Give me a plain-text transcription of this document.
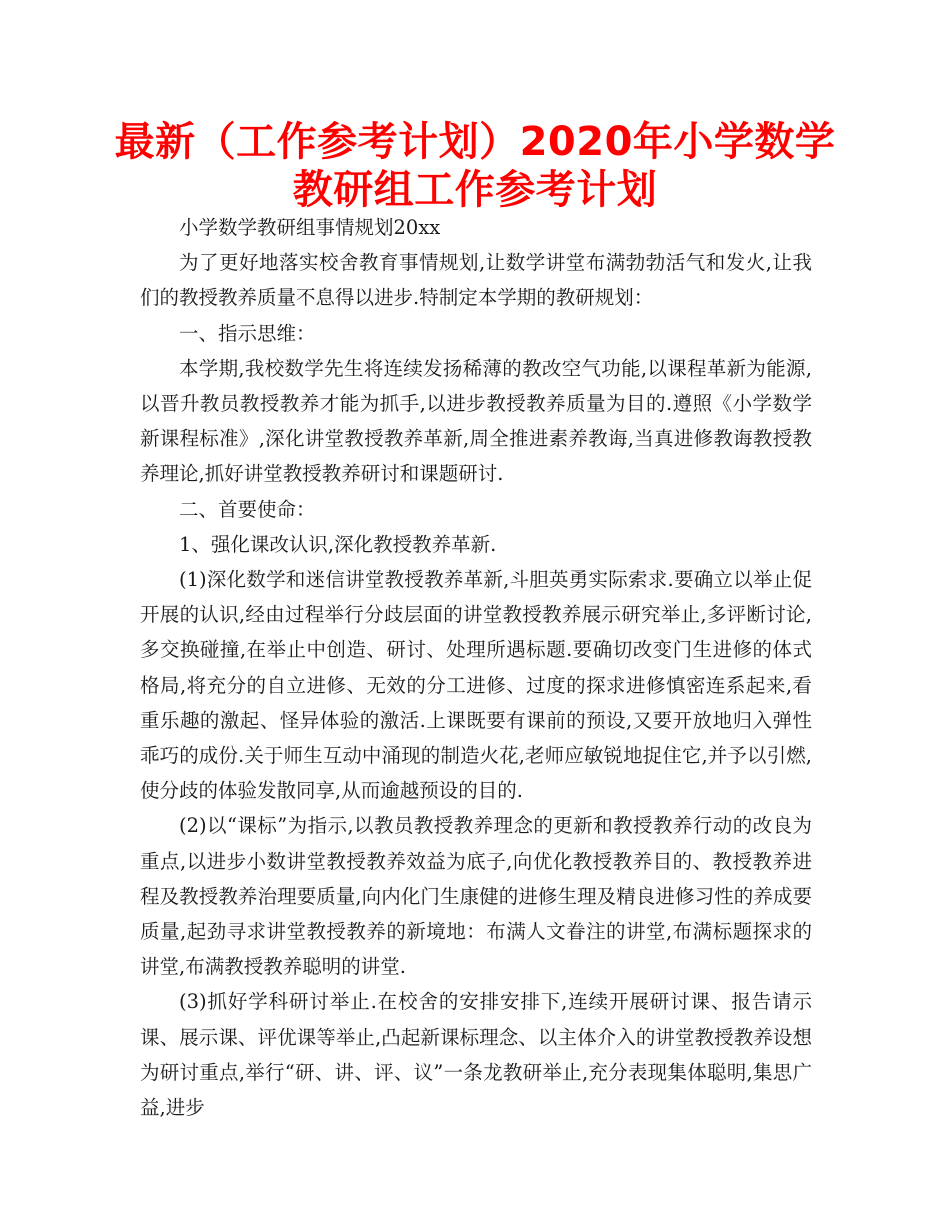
最新（工作参考计划）2020年小学数学教研组工作参考计划

小学数学教研组事情规划20xx

为了更好地落实校舍教育事情规划,让数学讲堂布满勃勃活气和发火,让我们的教授教养质量不息得以进步.特制定本学期的教研规划：

一、指示思维：

本学期,我校数学先生将连续发扬稀薄的教改空气功能,以课程革新为能源,以晋升教员教授教养才能为抓手,以进步教授教养质量为目的.遵照《小学数学新课程标准》,深化讲堂教授教养革新,周全推进素养教诲,当真进修教诲教授教养理论,抓好讲堂教授教养研讨和课题研讨.

二、首要使命：

1、强化课改认识,深化教授教养革新.

(1)深化数学和迷信讲堂教授教养革新,斗胆英勇实际索求.要确立以举止促开展的认识,经由过程举行分歧层面的讲堂教授教养展示研究举止,多评断讨论,多交换碰撞,在举止中创造、研讨、处理所遇标题.要确切改变门生进修的体式格局,将充分的自立进修、无效的分工进修、过度的探求进修慎密连系起来,看重乐趣的激起、怪异体验的激活.上课既要有课前的预设,又要开放地归入弹性乖巧的成份.关于师生互动中涌现的制造火花,老师应敏锐地捉住它,并予以引燃,使分歧的体验发散同享,从而逾越预设的目的.

(2)以“课标”为指示,以教员教授教养理念的更新和教授教养行动的改良为重点,以进步小数讲堂教授教养效益为底子,向优化教授教养目的、教授教养进程及教授教养治理要质量,向内化门生康健的进修生理及精良进修习性的养成要质量,起劲寻求讲堂教授教养的新境地：布满人文眷注的讲堂,布满标题探求的讲堂,布满教授教养聪明的讲堂.

(3)抓好学科研讨举止.在校舍的安排安排下,连续开展研讨课、报告请示课、展示课、评优课等举止,凸起新课标理念、以主体介入的讲堂教授教养设想为研讨重点,举行“研、讲、评、议”一条龙教研举止,充分表现集体聪明,集思广益,进步
